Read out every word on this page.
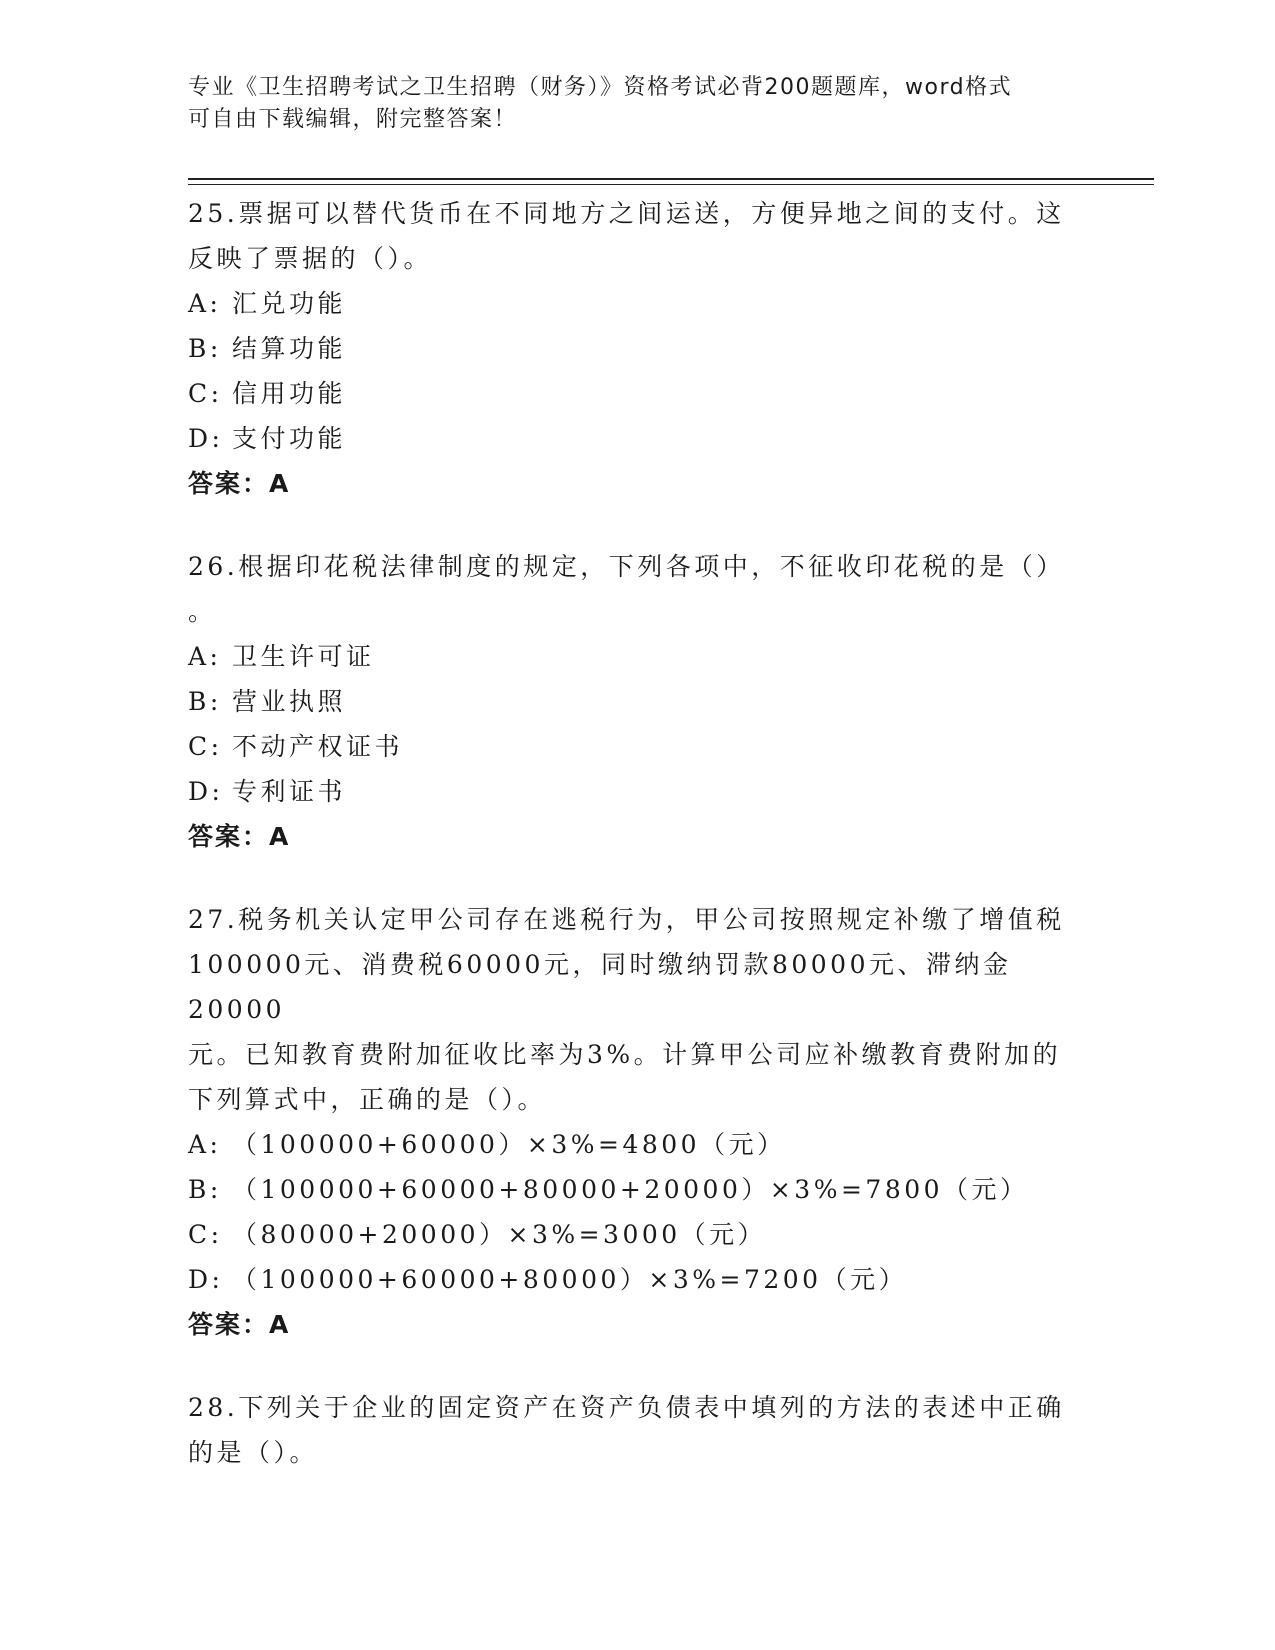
专业《卫生招聘考试之卫生招聘（财务）》资格考试必背200题题库，word格式
可自由下载编辑，附完整答案！

25.票据可以替代货币在不同地方之间运送，方便异地之间的支付。这

反映了票据的（）。

A: 汇兑功能
B: 结算功能
C: 信用功能
D: 支付功能
答案：A

26.根据印花税法律制度的规定，下列各项中，不征收印花税的是（）

。

A: 卫生许可证
B: 营业执照
C: 不动产权证书
D: 专利证书
答案：A

27.税务机关认定甲公司存在逃税行为，甲公司按照规定补缴了增值税

100000元、消费税60000元，同时缴纳罚款80000元、滞纳金20000

元。已知教育费附加征收比率为3%。计算甲公司应补缴教育费附加的

下列算式中，正确的是（）。

A: （100000+60000）×3%=4800（元）
B: （100000+60000+80000+20000）×3%=7800（元）
C: （80000+20000）×3%=3000（元）
D: （100000+60000+80000）×3%=7200（元）
答案：A

28.下列关于企业的固定资产在资产负债表中填列的方法的表述中正确

的是（）。
